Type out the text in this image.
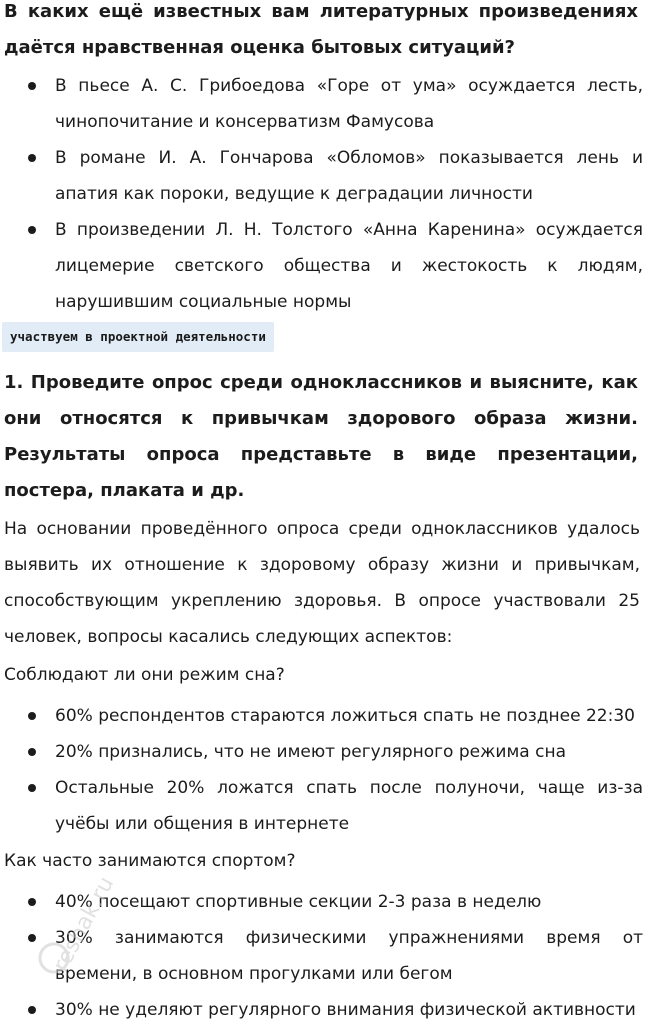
В каких ещё известных вам литературных произведениях даётся нравственная оценка бытовых ситуаций?

В пьесе А. С. Грибоедова «Горе от ума» осуждается лесть, чинопочитание и консерватизм Фамусова
В романе И. А. Гончарова «Обломов» показывается лень и апатия как пороки, ведущие к деградации личности
В произведении Л. Н. Толстого «Анна Каренина» осуждается лицемерие светского общества и жестокость к людям, нарушившим социальные нормы
участвуем в проектной деятельности

1. Проведите опрос среди одноклассников и выясните, как они относятся к привычкам здорового образа жизни. Результаты опроса представьте в виде презентации, постера, плаката и др.

На основании проведённого опроса среди одноклассников удалось выявить их отношение к здоровому образу жизни и привычкам, способствующим укреплению здоровья. В опросе участвовали 25 человек, вопросы касались следующих аспектов:

Соблюдают ли они режим сна?

60% респондентов стараются ложиться спать не позднее 22:30
20% признались, что не имеют регулярного режима сна
Остальные 20% ложатся спать после полуночи, чаще из-за учёбы или общения в интернете

Как часто занимаются спортом?

40% посещают спортивные секции 2-3 раза в неделю
30% занимаются физическими упражнениями время от времени, в основном прогулками или бегом
30% не уделяют регулярного внимания физической активности
reshak.ru
